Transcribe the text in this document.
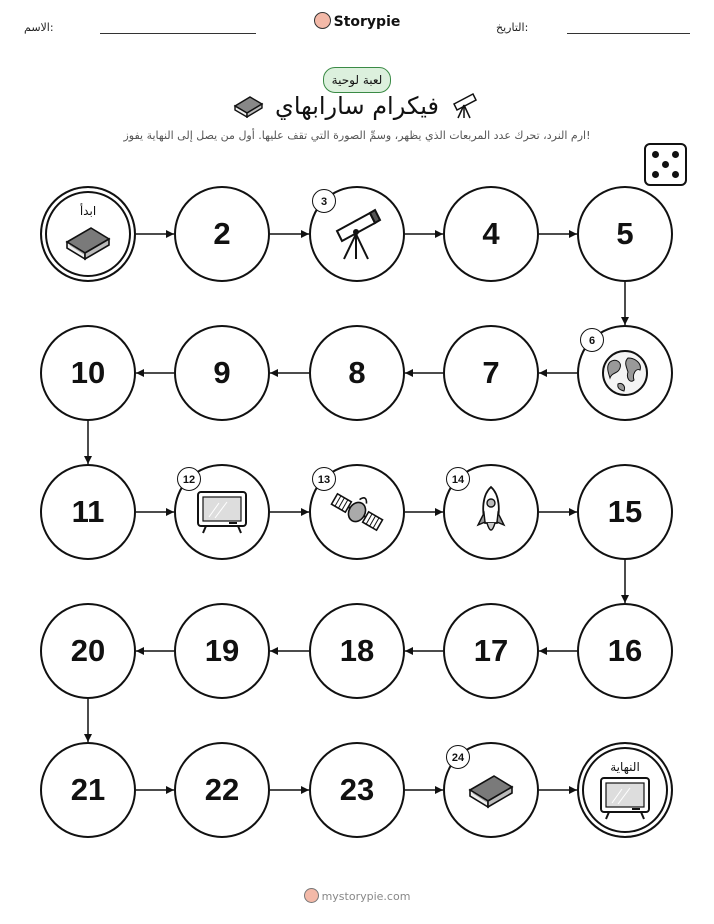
الاسم:	Storypie	التاريخ:
لعبة لوحية
فيكرام سارابهاي
ارم النرد، تحرك عدد المربعات الذي يظهر، وسمِّ الصورة التي تقف عليها. أول من يصل إلى النهاية يفوز!
ابدأ
2
3
4	5
6
7
8
9
10
11
12	13	14
15
16
17
18
19
20
21	22	23
24
النهاية
mystorypie.com
